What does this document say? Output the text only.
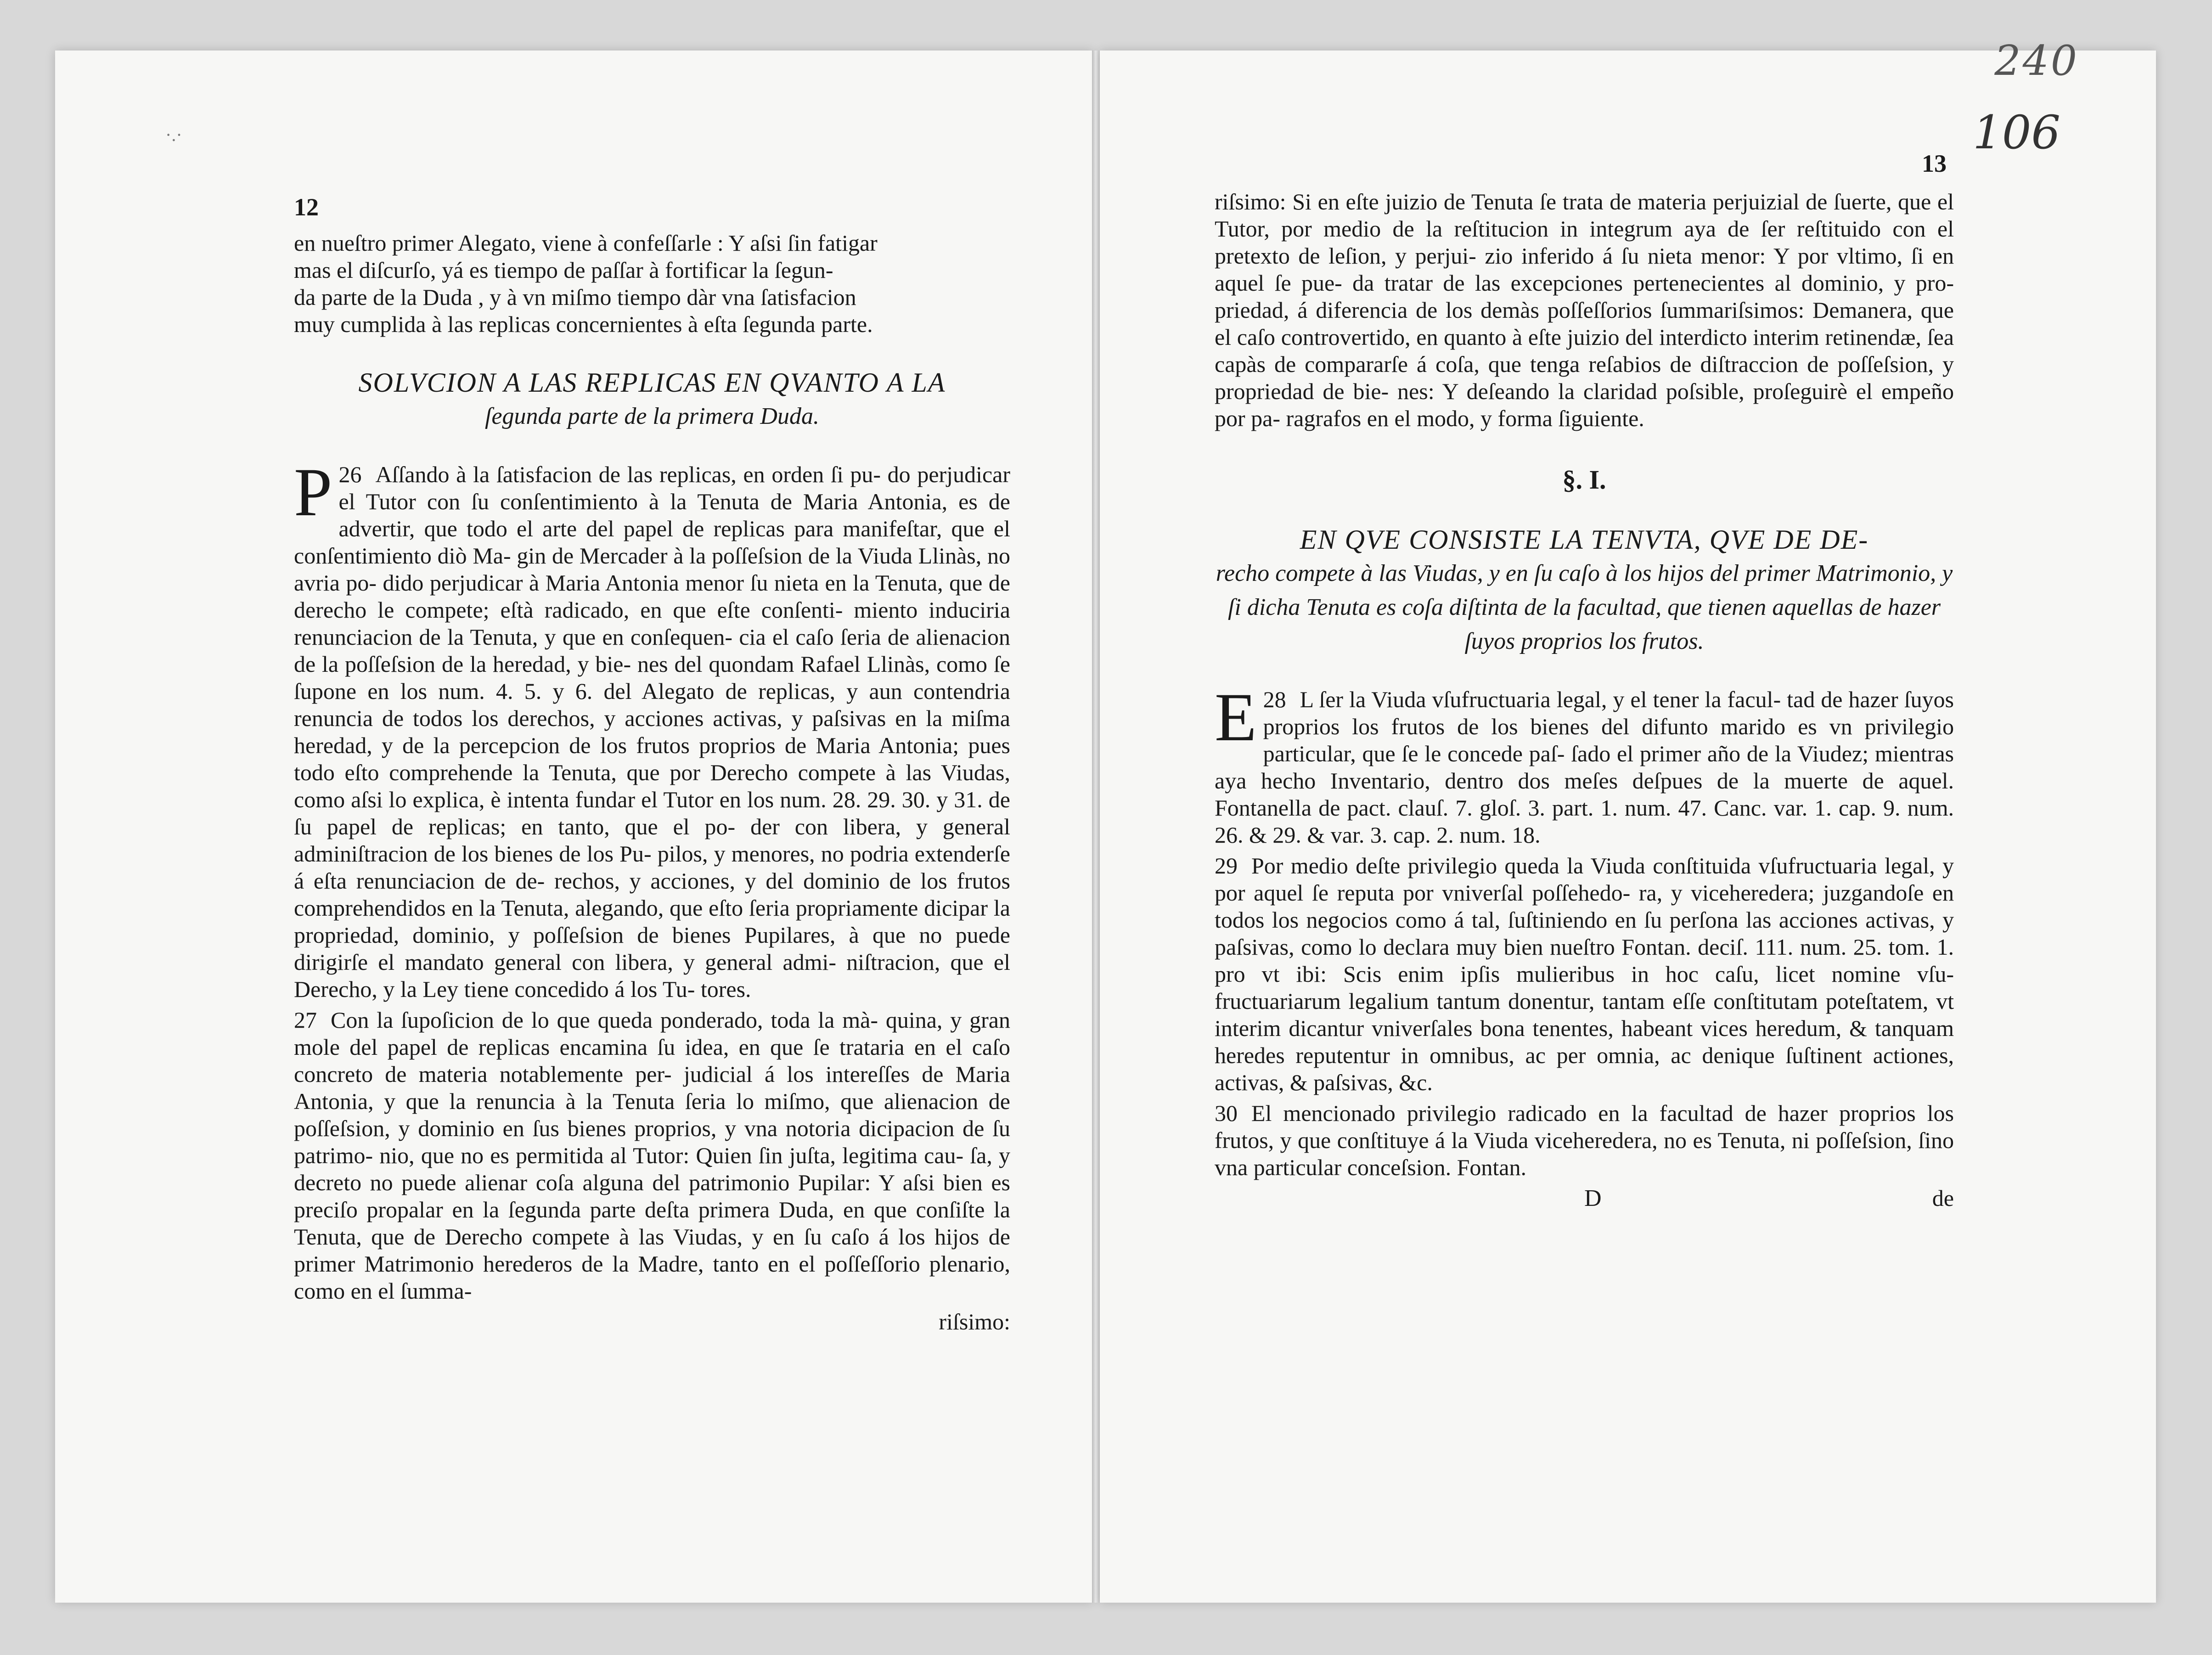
·.·
12
en nueſtro primer Alegato, viene à confeſſarle : Y aſsi ſin fatigar
mas el diſcurſo, yá es tiempo de paſſar à fortificar la ſegun-
da parte de la Duda , y à vn miſmo tiempo dàr vna ſatisfacion
muy cumplida à las replicas concernientes à eſta ſegunda parte.
SOLVCION A LAS REPLICAS EN QVANTO A LA
ſegunda parte de la primera Duda.

26
P Aſſando à la ſatisfacion de las replicas, en orden ſi pu- do perjudicar el Tutor con ſu conſentimiento à la Tenuta de Maria Antonia, es de advertir, que todo el arte del papel de replicas para manifeſtar, que el conſentimiento diò Ma- gin de Mercader à la poſſeſsion de la Viuda Llinàs, no avria po- dido perjudicar à Maria Antonia menor ſu nieta en la Tenuta, que de derecho le compete; eſtà radicado, en que eſte conſenti- miento induciria renunciacion de la Tenuta, y que en conſequen- cia el caſo ſeria de alienacion de la poſſeſsion de la heredad, y bie- nes del quondam Rafael Llinàs, como ſe ſupone en los num. 4. 5. y 6. del Alegato de replicas, y aun contendria renuncia de todos los derechos, y acciones activas, y paſsivas en la miſma heredad, y de la percepcion de los frutos proprios de Maria Antonia; pues todo eſto comprehende la Tenuta, que por Derecho compete à las Viudas, como aſsi lo explica, è intenta fundar el Tutor en los num. 28. 29. 30. y 31. de ſu papel de replicas; en tanto, que el po- der con libera, y general adminiſtracion de los bienes de los Pu- pilos, y menores, no podria extenderſe á eſta renunciacion de de- rechos, y acciones, y del dominio de los frutos comprehendidos en la Tenuta, alegando, que eſto ſeria propriamente dicipar la propriedad, dominio, y poſſeſsion de bienes Pupilares, à que no puede dirigirſe el mandato general con libera, y general admi- niſtracion, que el Derecho, y la Ley tiene concedido á los Tu- tores.

27 Con la ſupoſicion de lo que queda ponderado, toda la mà- quina, y gran mole del papel de replicas encamina ſu idea, en que ſe trataria en el caſo concreto de materia notablemente per- judicial á los intereſſes de Maria Antonia, y que la renuncia à la Tenuta ſeria lo miſmo, que alienacion de poſſeſsion, y dominio en ſus bienes proprios, y vna notoria dicipacion de ſu patrimo- nio, que no es permitida al Tutor: Quien ſin juſta, legitima cau- ſa, y decreto no puede alienar coſa alguna del patrimonio Pupilar: Y aſsi bien es preciſo propalar en la ſegunda parte deſta primera Duda, en que conſiſte la Tenuta, que de Derecho compete à las Viudas, y en ſu caſo á los hijos de primer Matrimonio herederos de la Madre, tanto en el poſſeſſorio plenario, como en el ſumma-

riſsimo:
13

riſsimo: Si en eſte juizio de Tenuta ſe trata de materia perjuizial de ſuerte, que el Tutor, por medio de la reſtitucion in integrum aya de ſer reſtituido con el pretexto de leſion, y perjui- zio inferido á ſu nieta menor: Y por vltimo, ſi en aquel ſe pue- da tratar de las excepciones pertenecientes al dominio, y pro- priedad, á diferencia de los demàs poſſeſſorios ſummariſsimos: Demanera, que el caſo controvertido, en quanto à eſte juizio del interdicto interim retinendæ, ſea capàs de compararſe á coſa, que tenga reſabios de diſtraccion de poſſeſsion, y propriedad de bie- nes: Y deſeando la claridad poſsible, proſeguirè el empeño por pa- ragrafos en el modo, y forma ſiguiente.

§. I.
EN QVE CONSISTE LA TENVTA, QVE DE DE-
recho compete à las Viudas, y en ſu caſo à los hijos del primer Matrimonio, y ſi dicha Tenuta es coſa diſtinta de la facultad, que tienen aquellas de hazer ſuyos proprios los frutos.

28
E L ſer la Viuda vſufructuaria legal, y el tener la facul- tad de hazer ſuyos proprios los frutos de los bienes del difunto marido es vn privilegio particular, que ſe le concede paſ- ſado el primer año de la Viudez; mientras aya hecho Inventario, dentro dos meſes deſpues de la muerte de aquel. Fontanella de pact. clauſ. 7. gloſ. 3. part. 1. num. 47. Canc. var. 1. cap. 9. num. 26. & 29. & var. 3. cap. 2. num. 18.

29 Por medio deſte privilegio queda la Viuda conſtituida vſufructuaria legal, y por aquel ſe reputa por vniverſal poſſehedo- ra, y viceheredera; juzgandoſe en todos los negocios como á tal, ſuſtiniendo en ſu perſona las acciones activas, y paſsivas, como lo declara muy bien nueſtro Fontan. deciſ. 111. num. 25. tom. 1. pro vt ibi: Scis enim ipſis mulieribus in hoc caſu, licet nomine vſu- fructuariarum legalium tantum donentur, tantam eſſe conſtitutam poteſtatem, vt interim dicantur vniverſales bona tenentes, habeant vices heredum, & tanquam heredes reputentur in omnibus, ac per omnia, ac denique ſuſtinent actiones, activas, & paſsivas, &c.

30 El mencionado privilegio radicado en la facultad de hazer proprios los frutos, y que conſtituye á la Viuda viceheredera, no es Tenuta, ni poſſeſsion, ſino vna particular conceſsion. Fontan.

D	de
240
106
